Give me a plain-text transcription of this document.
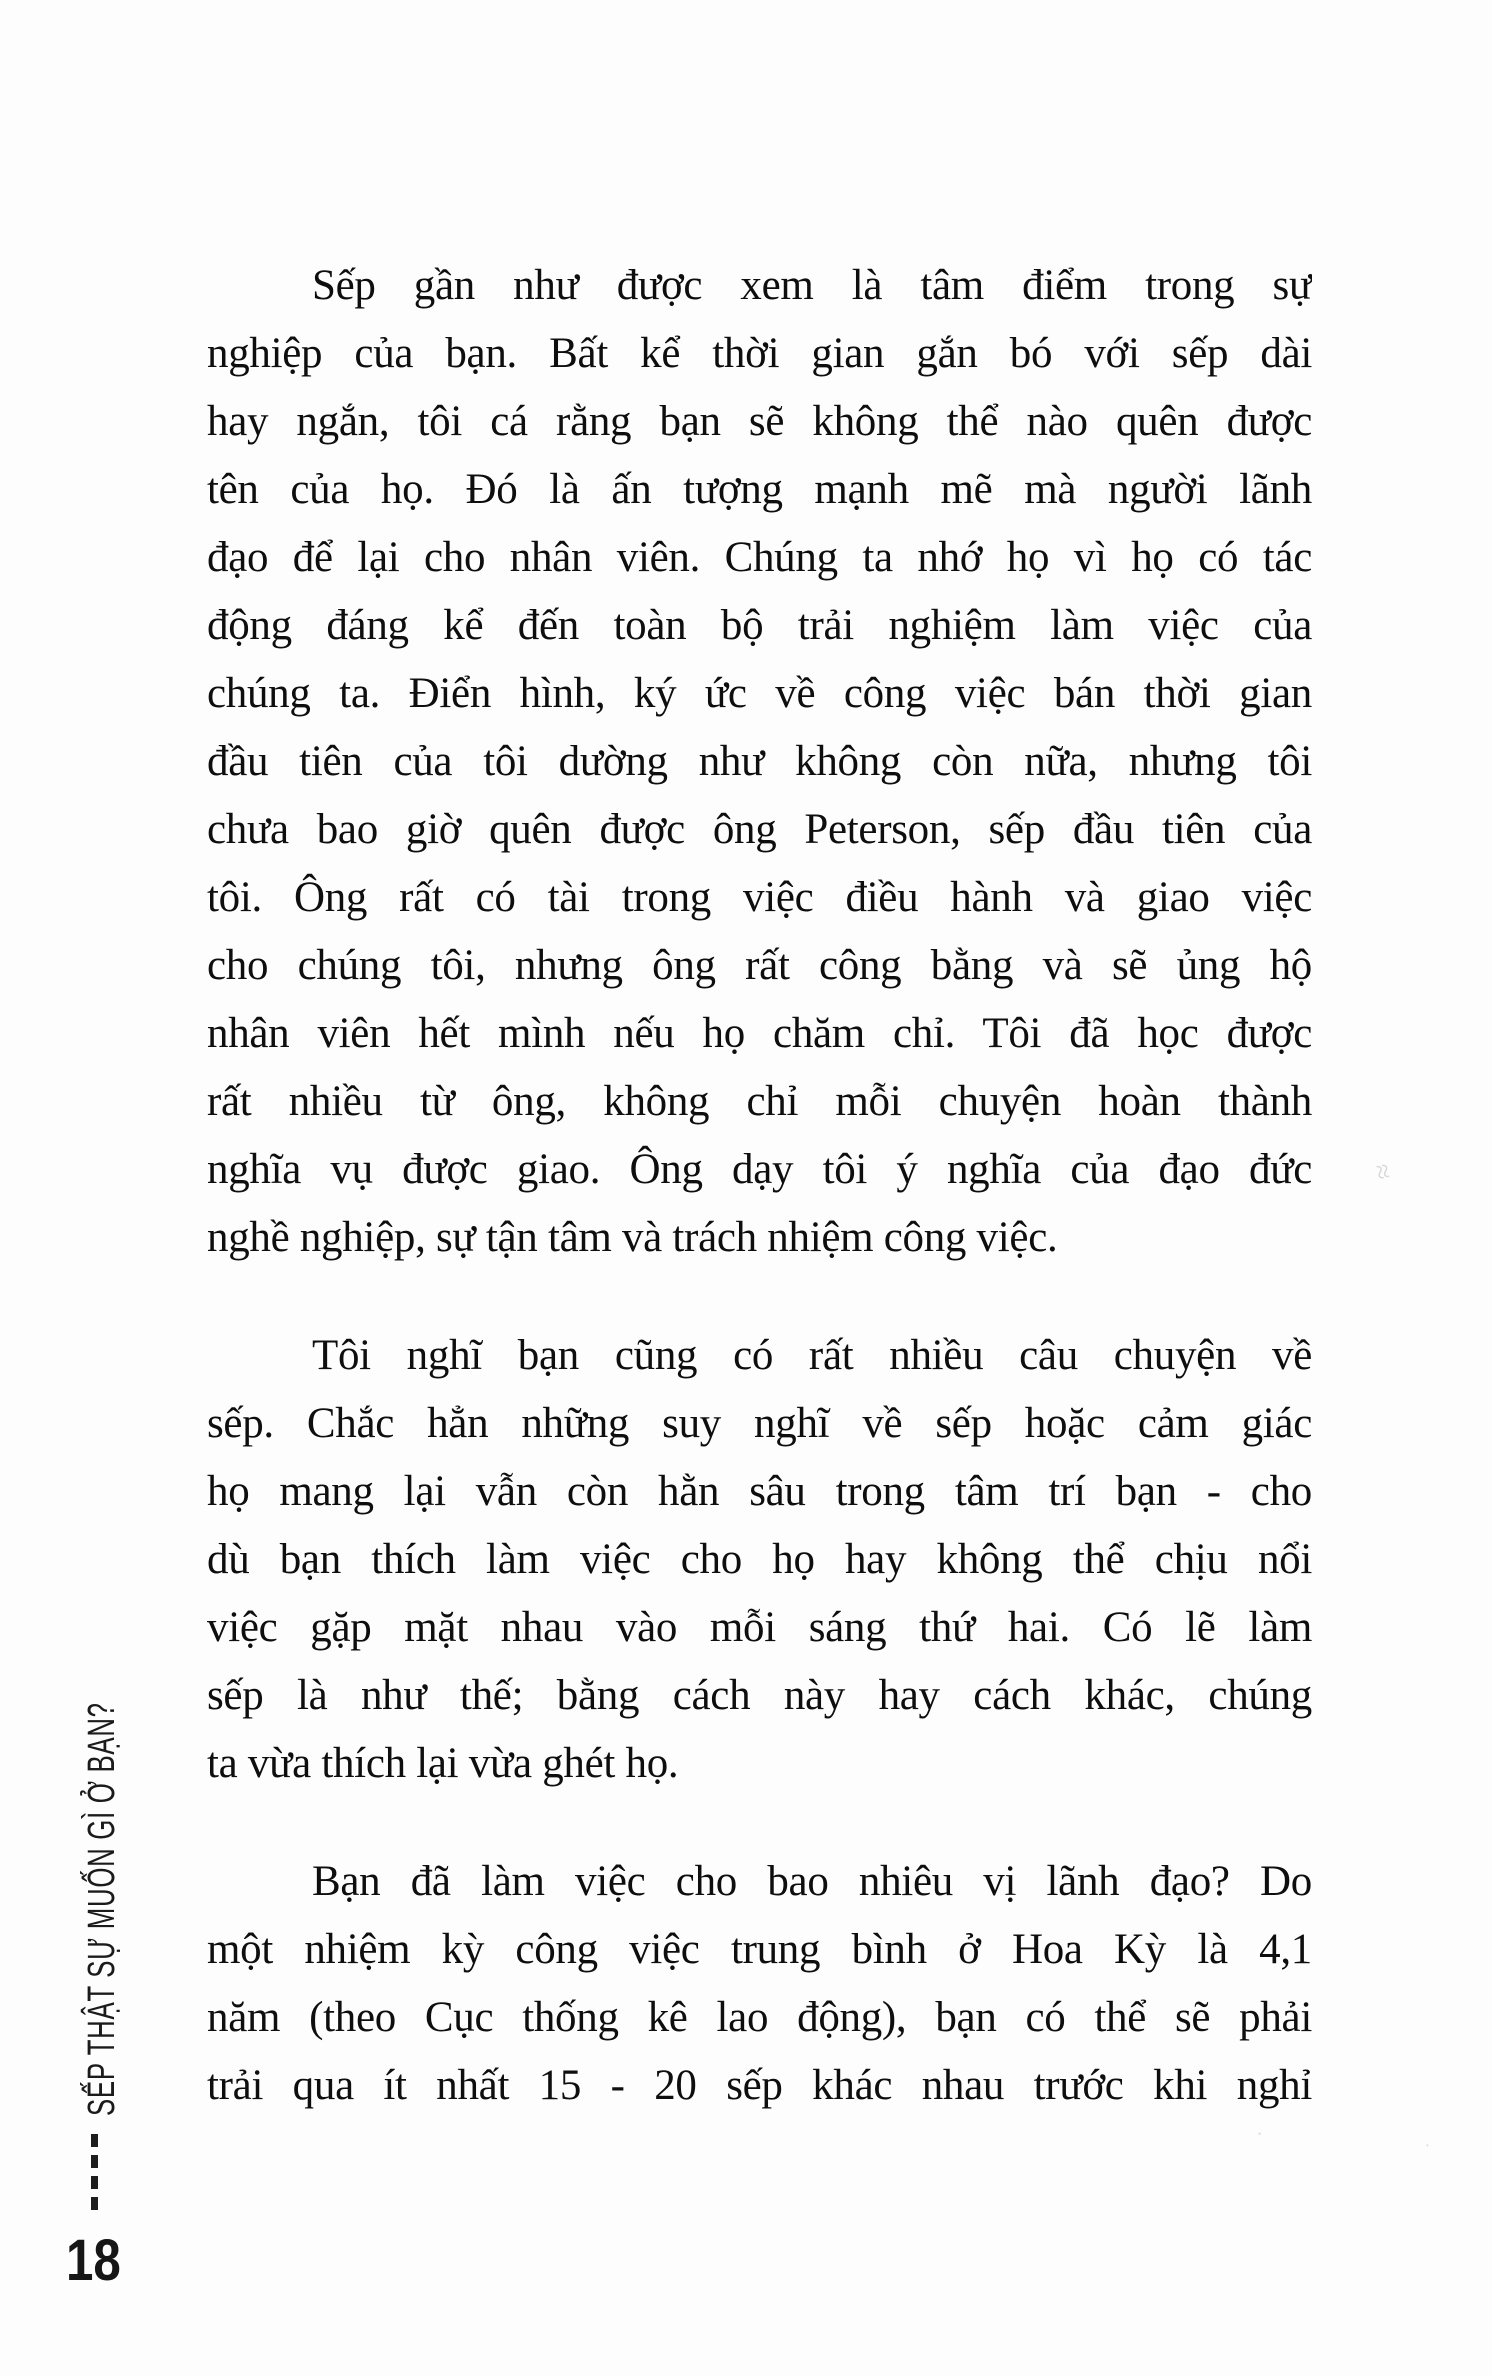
SẾP THẬT SỰ MUỐN GÌ Ở BẠN?
18
Sếp gần như được xem là tâm điểm trong sự
nghiệp của bạn. Bất kể thời gian gắn bó với sếp dài
hay ngắn, tôi cá rằng bạn sẽ không thể nào quên được
tên của họ. Đó là ấn tượng mạnh mẽ mà người lãnh
đạo để lại cho nhân viên. Chúng ta nhớ họ vì họ có tác
động đáng kể đến toàn bộ trải nghiệm làm việc của
chúng ta. Điển hình, ký ức về công việc bán thời gian
đầu tiên của tôi dường như không còn nữa, nhưng tôi
chưa bao giờ quên được ông Peterson, sếp đầu tiên của
tôi. Ông rất có tài trong việc điều hành và giao việc
cho chúng tôi, nhưng ông rất công bằng và sẽ ủng hộ
nhân viên hết mình nếu họ chăm chỉ. Tôi đã học được
rất nhiều từ ông, không chỉ mỗi chuyện hoàn thành
nghĩa vụ được giao. Ông dạy tôi ý nghĩa của đạo đức
nghề nghiệp, sự tận tâm và trách nhiệm công việc.
Tôi nghĩ bạn cũng có rất nhiều câu chuyện về
sếp. Chắc hẳn những suy nghĩ về sếp hoặc cảm giác
họ mang lại vẫn còn hằn sâu trong tâm trí bạn - cho
dù bạn thích làm việc cho họ hay không thể chịu nổi
việc gặp mặt nhau vào mỗi sáng thứ hai. Có lẽ làm
sếp là như thế; bằng cách này hay cách khác, chúng
ta vừa thích lại vừa ghét họ.
Bạn đã làm việc cho bao nhiêu vị lãnh đạo? Do
một nhiệm kỳ công việc trung bình ở Hoa Kỳ là 4,1
năm (theo Cục thống kê lao động), bạn có thể sẽ phải
trải qua ít nhất 15 - 20 sếp khác nhau trước khi nghỉ
≈
·	·
